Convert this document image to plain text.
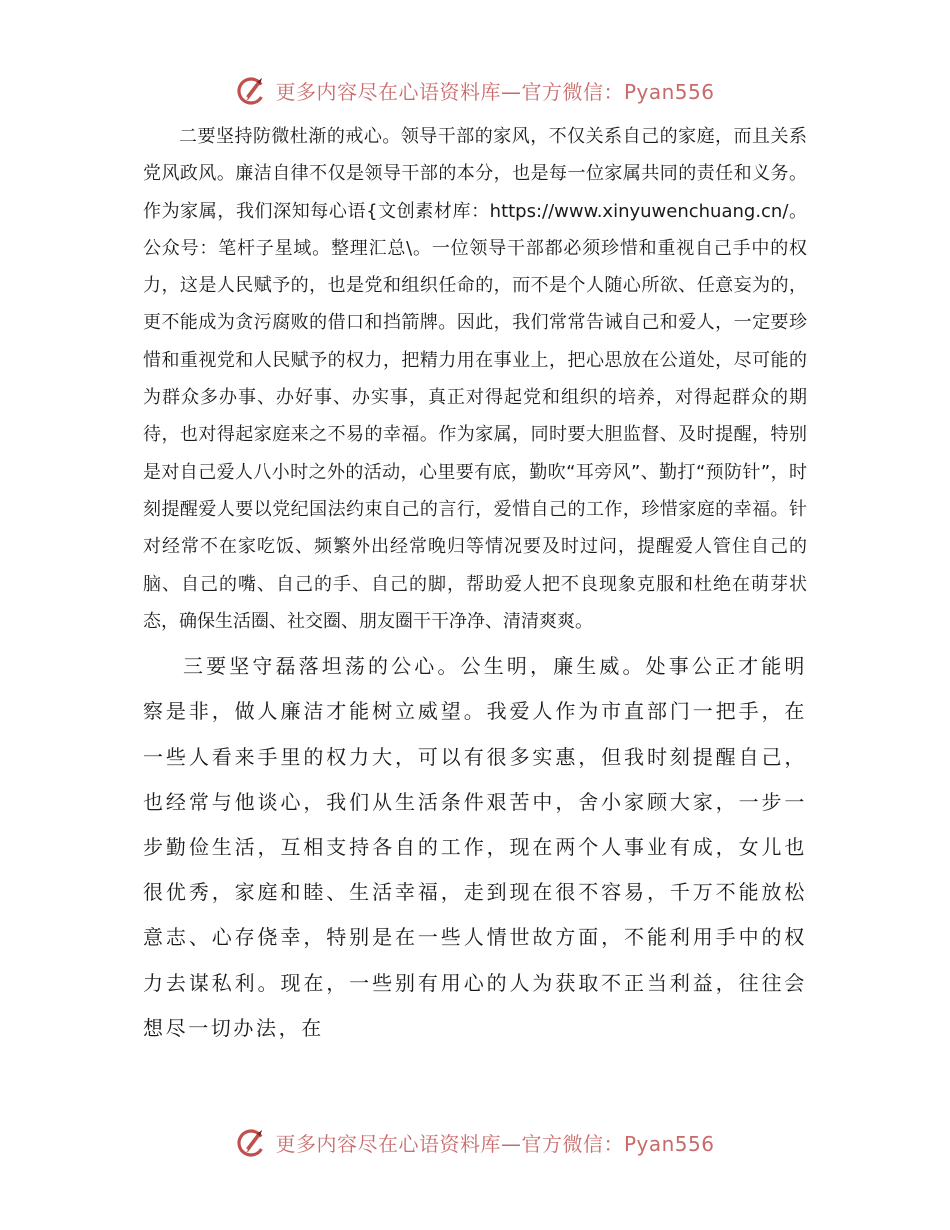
更多内容尽在心语资料库—官方微信：Pyan556

二要坚持防微杜渐的戒心。领导干部的家风，不仅关系自己的家庭，而且关系党风政风。廉洁自律不仅是领导干部的本分，也是每一位家属共同的责任和义务。作为家属，我们深知每心语{文创素材库：https://www.xinyuwenchuang.cn/。公众号：笔杆子星域。整理汇总\。一位领导干部都必须珍惜和重视自己手中的权力，这是人民赋予的，也是党和组织任命的，而不是个人随心所欲、任意妄为的，更不能成为贪污腐败的借口和挡箭牌。因此，我们常常告诫自己和爱人，一定要珍惜和重视党和人民赋予的权力，把精力用在事业上，把心思放在公道处，尽可能的为群众多办事、办好事、办实事，真正对得起党和组织的培养，对得起群众的期待，也对得起家庭来之不易的幸福。作为家属，同时要大胆监督、及时提醒，特别是对自己爱人八小时之外的活动，心里要有底，勤吹“耳旁风”、勤打“预防针”，时刻提醒爱人要以党纪国法约束自己的言行，爱惜自己的工作，珍惜家庭的幸福。针对经常不在家吃饭、频繁外出经常晚归等情况要及时过问，提醒爱人管住自己的脑、自己的嘴、自己的手、自己的脚，帮助爱人把不良现象克服和杜绝在萌芽状态，确保生活圈、社交圈、朋友圈干干净净、清清爽爽。

三要坚守磊落坦荡的公心。公生明，廉生威。处事公正才能明察是非，做人廉洁才能树立威望。我爱人作为市直部门一把手，在一些人看来手里的权力大，可以有很多实惠，但我时刻提醒自己，也经常与他谈心，我们从生活条件艰苦中，舍小家顾大家，一步一步勤俭生活，互相支持各自的工作，现在两个人事业有成，女儿也很优秀，家庭和睦、生活幸福，走到现在很不容易，千万不能放松意志、心存侥幸，特别是在一些人情世故方面，不能利用手中的权力去谋私利。现在，一些别有用心的人为获取不正当利益，往往会想尽一切办法，在

更多内容尽在心语资料库—官方微信：Pyan556
